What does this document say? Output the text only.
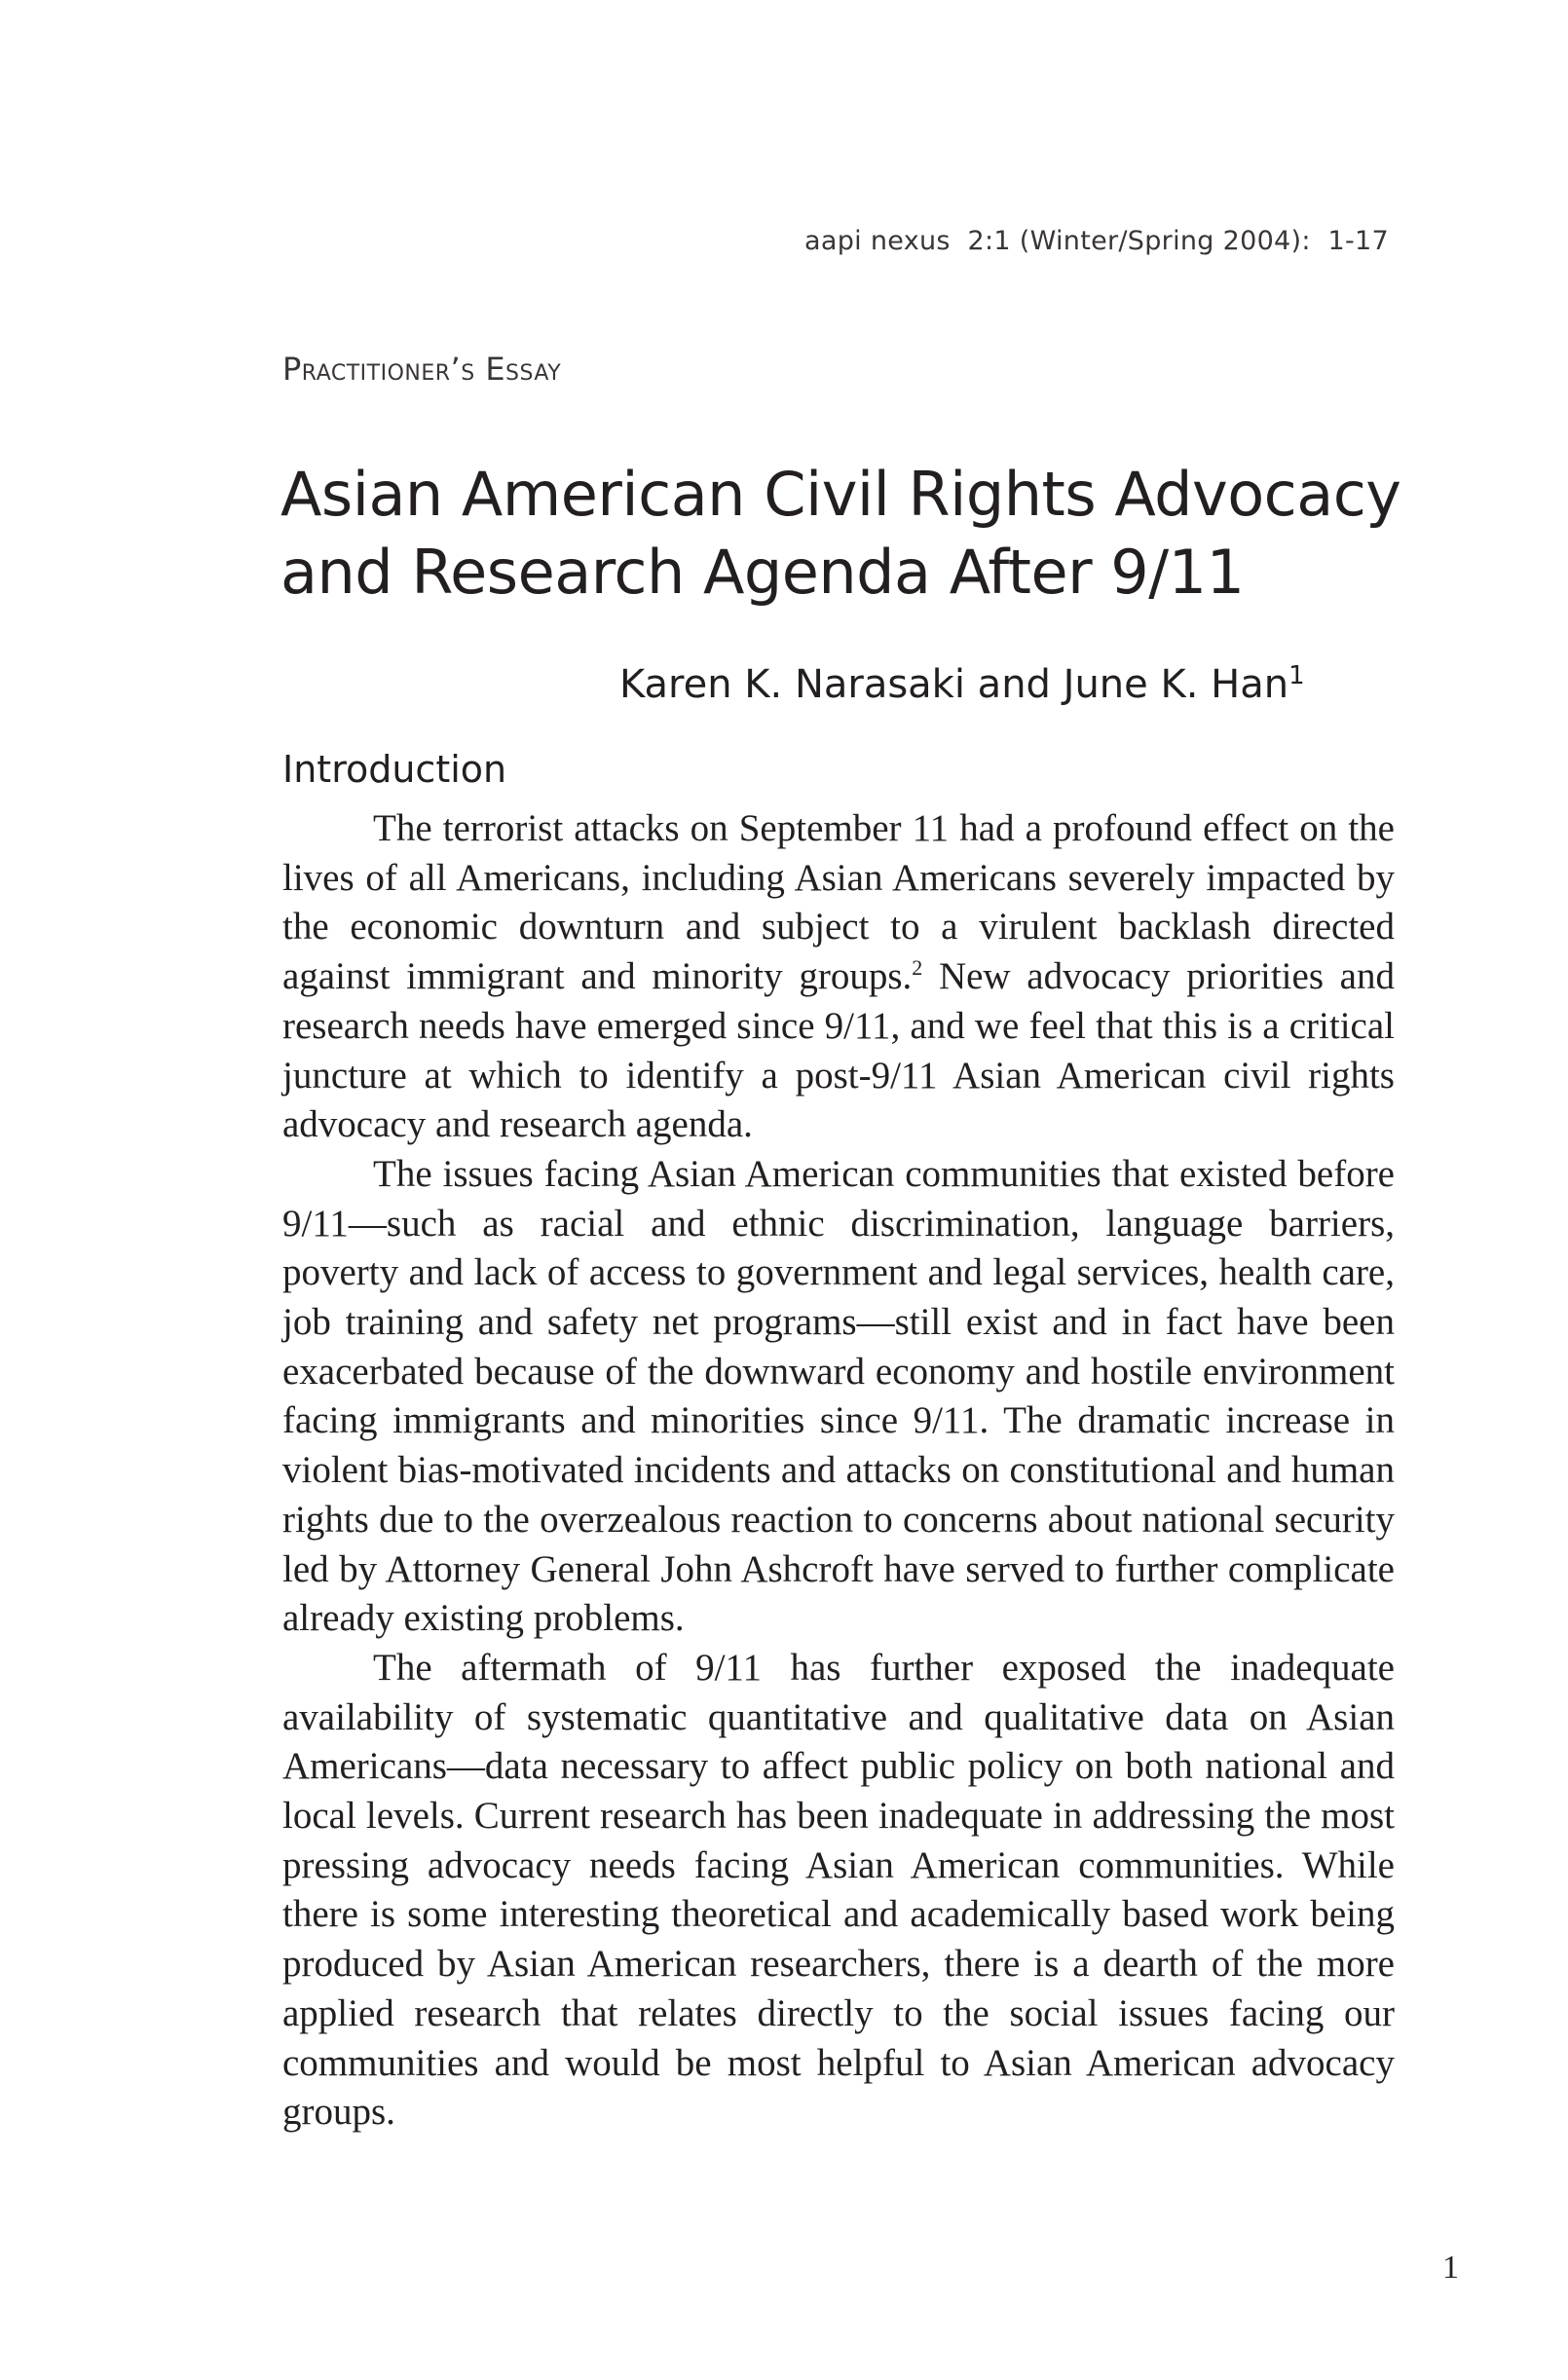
aapi nexus  2:1 (Winter/Spring 2004):  1-17
Practitioner’s Essay
Asian American Civil Rights Advocacy
and Research Agenda After 9/11
Karen K. Narasaki and June K. Han$^1$
Introduction

The terrorist attacks on September 11 had a profound effect on the lives of all Americans, including Asian Americans severely impacted by the economic downturn and subject to a virulent backlash directed against immigrant and minority groups.$^2$ New advocacy priorities and research needs have emerged since 9/11, and we feel that this is a critical juncture at which to identify a post-9/11 Asian American civil rights advocacy and research agenda.

The issues facing Asian American communities that existed before 9/11—such as racial and ethnic discrimination, language barriers, poverty and lack of access to government and legal services, health care, job training and safety net programs—still exist and in fact have been exacerbated because of the downward economy and hostile environment facing immigrants and minorities since 9/11. The dramatic increase in violent bias-motivated incidents and attacks on constitutional and human rights due to the overzealous reaction to concerns about national security led by Attorney General John Ashcroft have served to further complicate already existing problems.

The aftermath of 9/11 has further exposed the inadequate availability of systematic quantitative and qualitative data on Asian Americans—data necessary to affect public policy on both national and local levels. Current research has been inadequate in addressing the most pressing advocacy needs facing Asian American communities. While there is some interesting theoretical and academically based work being produced by Asian American researchers, there is a dearth of the more applied research that relates directly to the social issues facing our communities and would be most helpful to Asian American advocacy groups.

1
